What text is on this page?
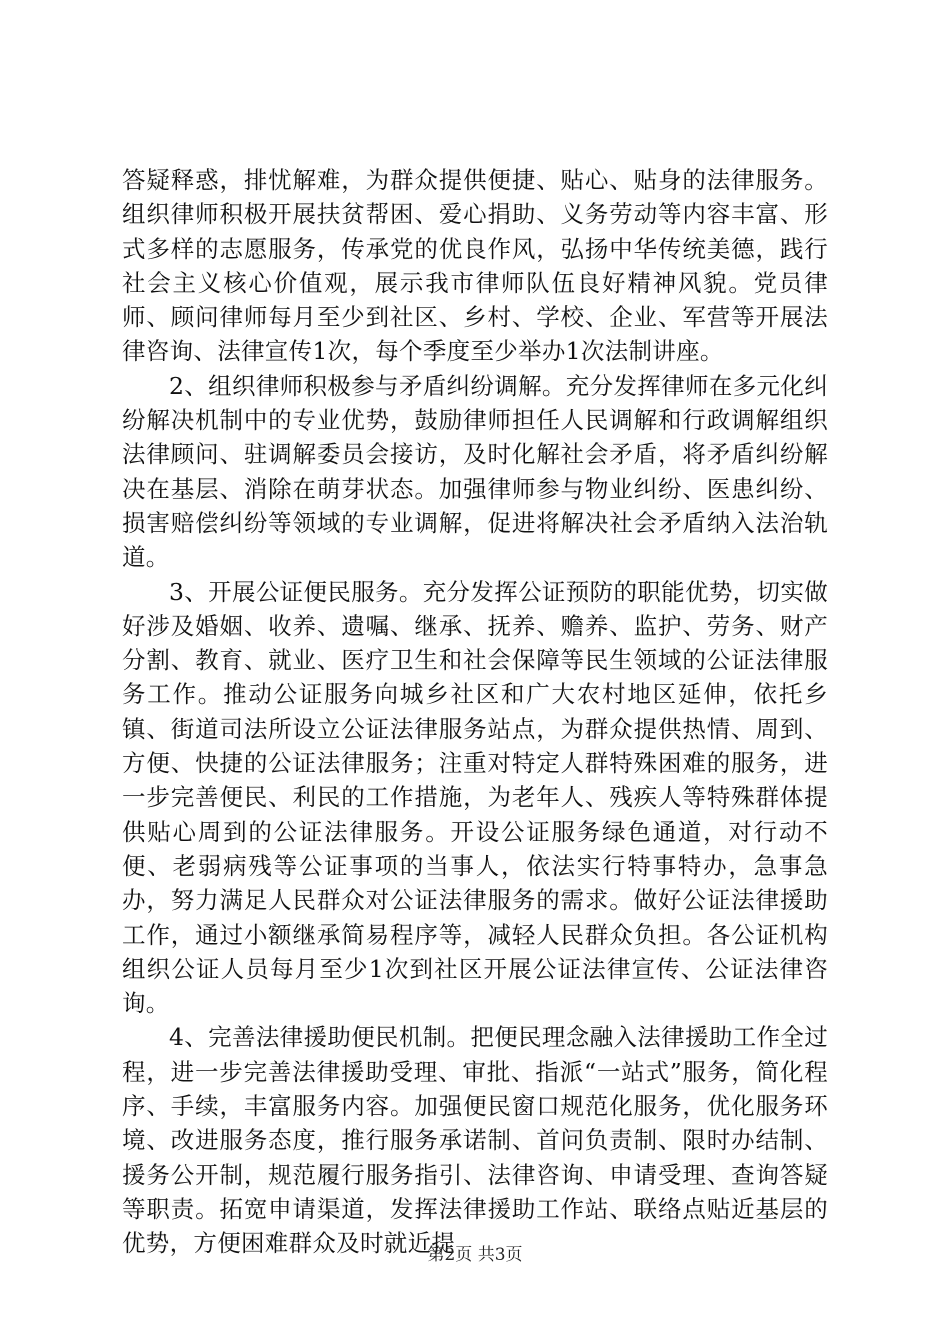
答疑释惑，排忧解难，为群众提供便捷、贴心、贴身的法律服务。组织律师积极开展扶贫帮困、爱心捐助、义务劳动等内容丰富、形式多样的志愿服务，传承党的优良作风，弘扬中华传统美德，践行社会主义核心价值观，展示我市律师队伍良好精神风貌。党员律师、顾问律师每月至少到社区、乡村、学校、企业、军营等开展法律咨询、法律宣传1次，每个季度至少举办1次法制讲座。

2、组织律师积极参与矛盾纠纷调解。充分发挥律师在多元化纠纷解决机制中的专业优势，鼓励律师担任人民调解和行政调解组织法律顾问、驻调解委员会接访，及时化解社会矛盾，将矛盾纠纷解决在基层、消除在萌芽状态。加强律师参与物业纠纷、医患纠纷、损害赔偿纠纷等领域的专业调解，促进将解决社会矛盾纳入法治轨道。

3、开展公证便民服务。充分发挥公证预防的职能优势，切实做好涉及婚姻、收养、遗嘱、继承、抚养、赡养、监护、劳务、财产分割、教育、就业、医疗卫生和社会保障等民生领域的公证法律服务工作。推动公证服务向城乡社区和广大农村地区延伸，依托乡镇、街道司法所设立公证法律服务站点，为群众提供热情、周到、方便、快捷的公证法律服务；注重对特定人群特殊困难的服务，进一步完善便民、利民的工作措施，为老年人、残疾人等特殊群体提供贴心周到的公证法律服务。开设公证服务绿色通道，对行动不便、老弱病残等公证事项的当事人，依法实行特事特办，急事急办，努力满足人民群众对公证法律服务的需求。做好公证法律援助工作，通过小额继承简易程序等，减轻人民群众负担。各公证机构组织公证人员每月至少1次到社区开展公证法律宣传、公证法律咨询。

4、完善法律援助便民机制。把便民理念融入法律援助工作全过程，进一步完善法律援助受理、审批、指派“一站式”服务，简化程序、手续，丰富服务内容。加强便民窗口规范化服务，优化服务环境、改进服务态度，推行服务承诺制、首问负责制、限时办结制、援务公开制，规范履行服务指引、法律咨询、申请受理、查询答疑等职责。拓宽申请渠道，发挥法律援助工作站、联络点贴近基层的优势，方便困难群众及时就近提

第2页 共3页
